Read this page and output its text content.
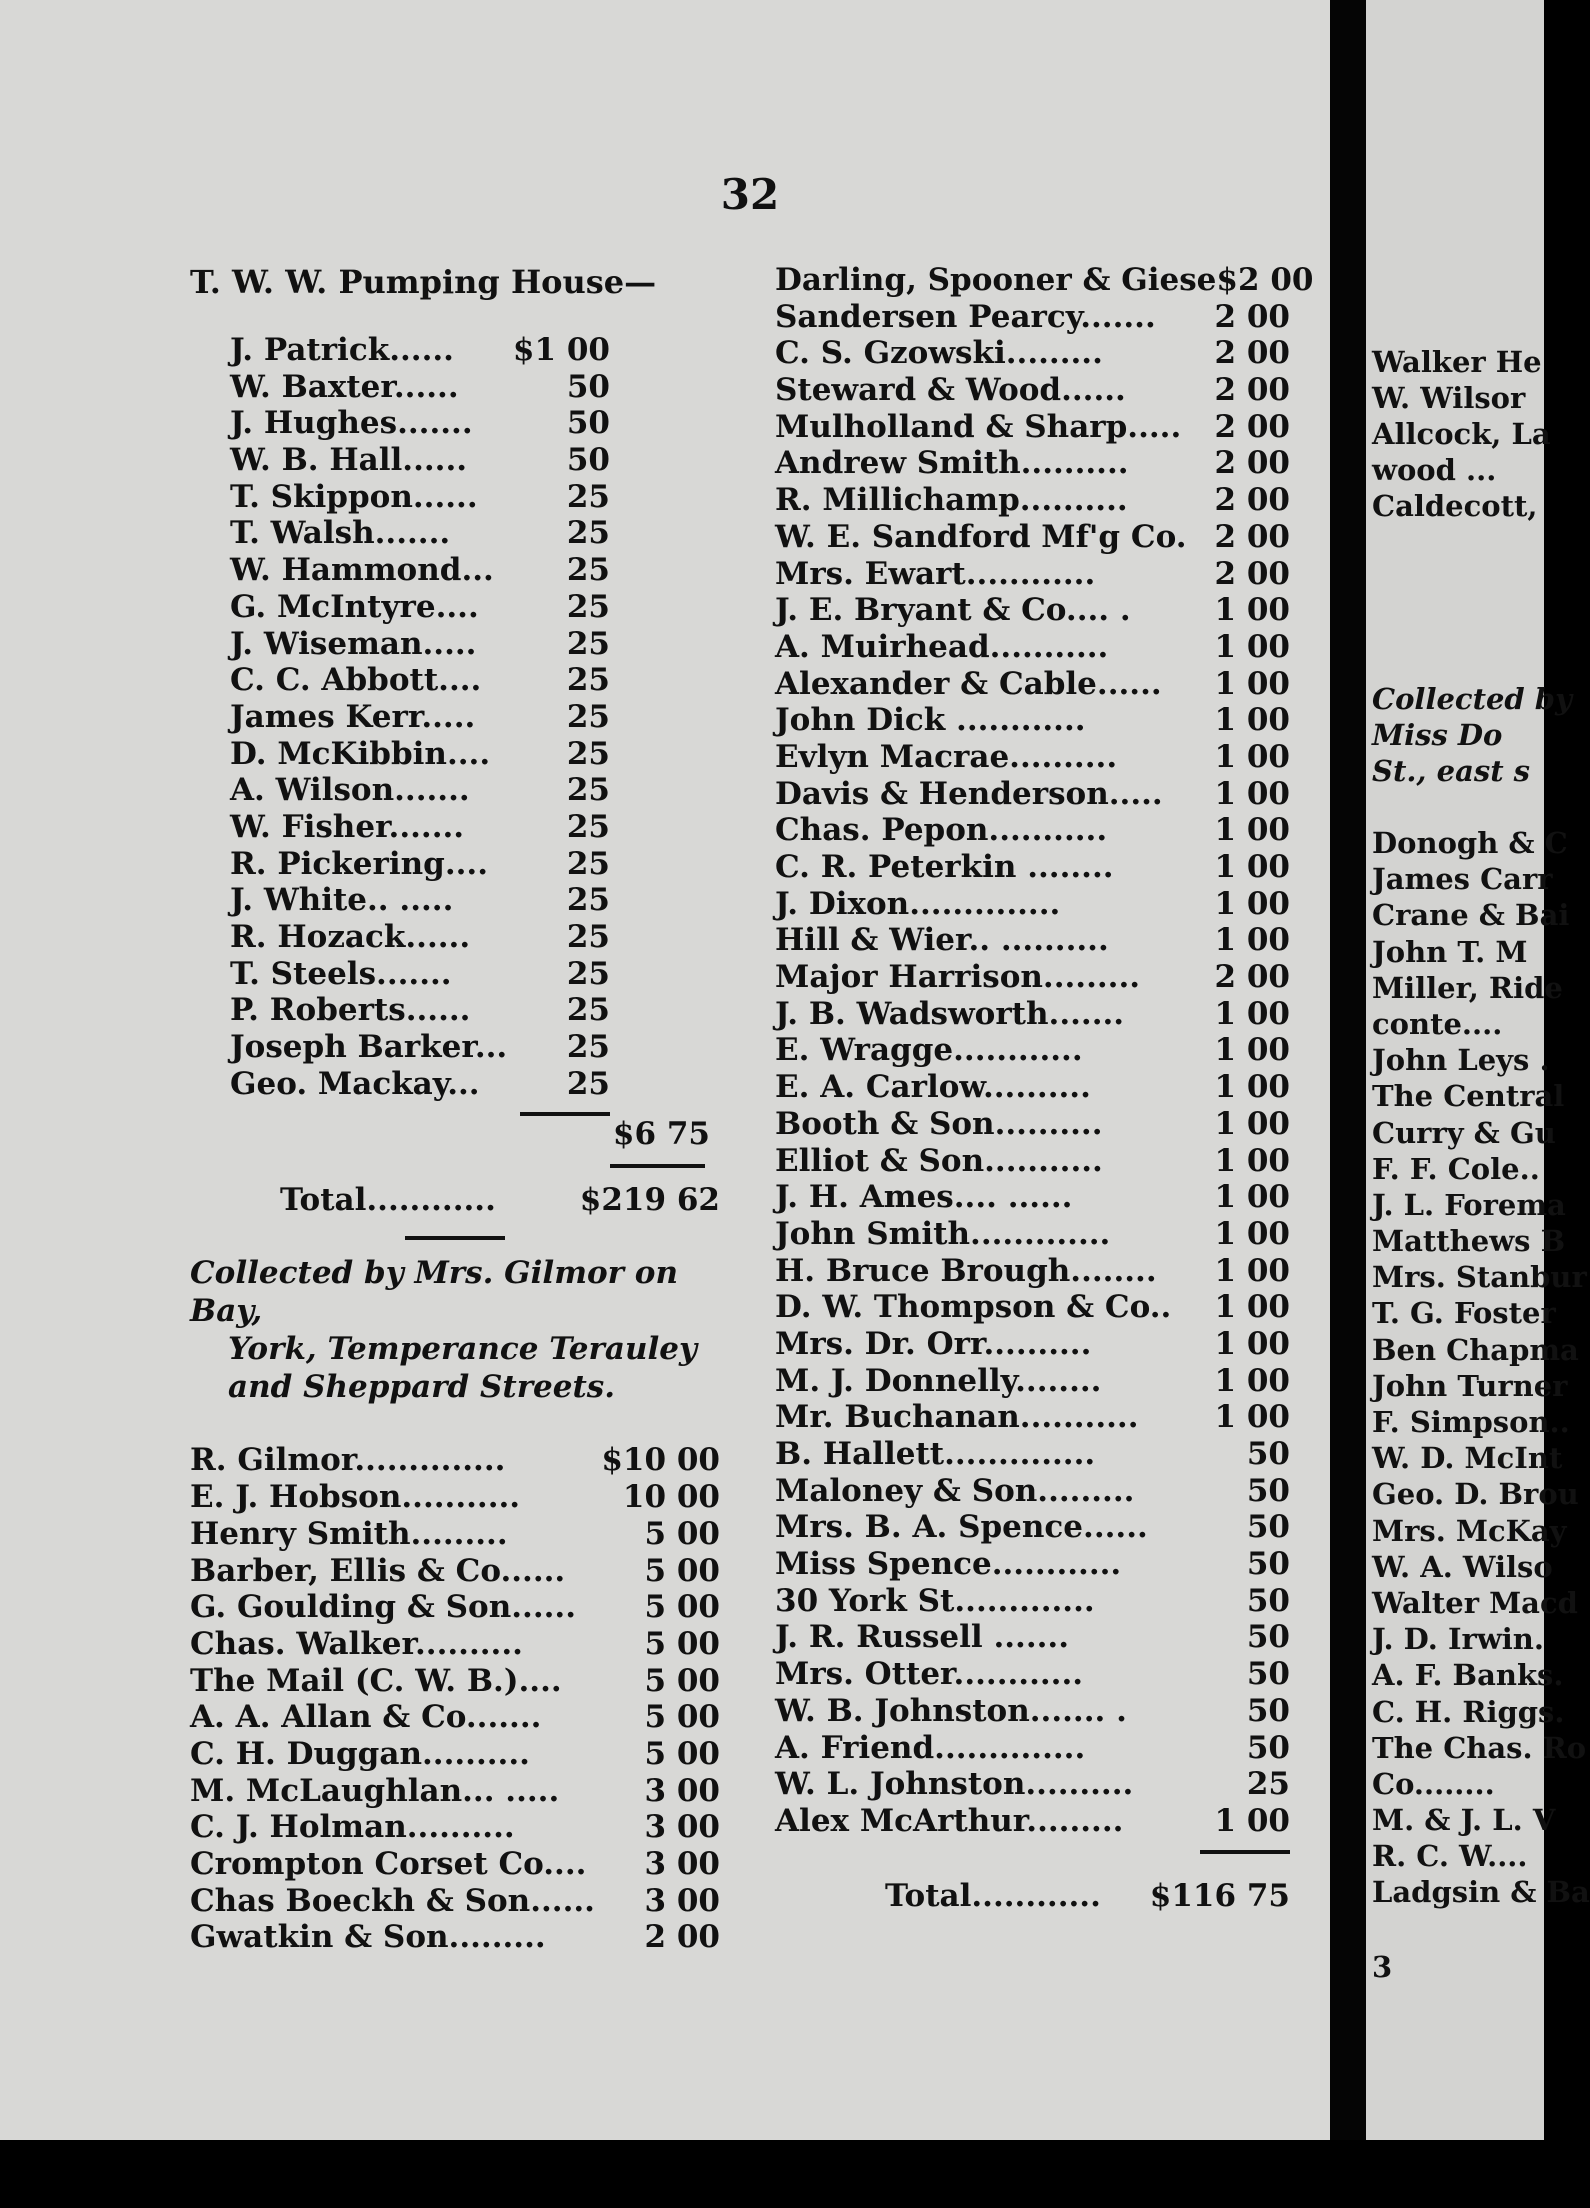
32
T. W. W. Pumping House—
J. Patrick......	$1 00
W. Baxter......	50
J. Hughes.......	50
W. B. Hall......	50
T. Skippon......	25
T. Walsh.......	25
W. Hammond...	25
G. McIntyre....	25
J. Wiseman.....	25
C. C. Abbott....	25
James Kerr.....	25
D. McKibbin....	25
A. Wilson.......	25
W. Fisher.......	25
R. Pickering....	25
J. White.. .....	25
R. Hozack......	25
T. Steels.......	25
P. Roberts......	25
Joseph Barker...	25
Geo. Mackay...	25
$6 75
Total............	$219 62
Collected by Mrs. Gilmor on Bay,
York, Temperance Terauley
and Sheppard Streets.
R. Gilmor..............	$10 00
E. J. Hobson...........	10 00
Henry Smith.........	5 00
Barber, Ellis & Co......	5 00
G. Goulding & Son......	5 00
Chas. Walker..........	5 00
The Mail (C. W. B.)....	5 00
A. A. Allan & Co.......	5 00
C. H. Duggan..........	5 00
M. McLaughlan... .....	3 00
C. J. Holman..........	3 00
Crompton Corset Co....	3 00
Chas Boeckh & Son......	3 00
Gwatkin & Son.........	2 00
Darling, Spooner & Giese $2 00
Sandersen Pearcy.......	2 00
C. S. Gzowski.........	2 00
Steward & Wood......	2 00
Mulholland & Sharp.....	2 00
Andrew Smith..........	2 00
R. Millichamp..........	2 00
W. E. Sandford Mf'g Co. 2 00
Mrs. Ewart............	2 00
J. E. Bryant & Co.... .	1 00
A. Muirhead...........	1 00
Alexander & Cable......	1 00
John Dick ............	1 00
Evlyn Macrae..........	1 00
Davis & Henderson.....	1 00
Chas. Pepon...........	1 00
C. R. Peterkin ........	1 00
J. Dixon..............	1 00
Hill & Wier.. ..........	1 00
Major Harrison.........	2 00
J. B. Wadsworth.......	1 00
E. Wragge............	1 00
E. A. Carlow..........	1 00
Booth & Son..........	1 00
Elliot & Son...........	1 00
J. H. Ames.... ......	1 00
John Smith.............	1 00
H. Bruce Brough........	1 00
D. W. Thompson & Co..	1 00
Mrs. Dr. Orr..........	1 00
M. J. Donnelly........	1 00
Mr. Buchanan...........	1 00
B. Hallett..............	50
Maloney & Son.........	50
Mrs. B. A. Spence......	50
Miss Spence............	50
30 York St.............	50
J. R. Russell .......	50
Mrs. Otter............	50
W. B. Johnston....... .	50
A. Friend..............	50
W. L. Johnston..........	25
Alex McArthur.........	1 00
Total............	$116 75
Walker He
W. Wilsor
Allcock, La
wood ...
Caldecott,
Collected by
Miss Do
St., east s
Donogh & C
James Carr
Crane & Bai
John T. M
Miller, Ride
conte....
John Leys .
The Central
Curry & Gu
F. F. Cole..
J. L. Forema
Matthews B
Mrs. Stanbur
T. G. Foster
Ben Chapma
John Turner
F. Simpson..
W. D. McInt
Geo. D. Brou
Mrs. McKay
W. A. Wilso
Walter Macd
J. D. Irwin.
A. F. Banks.
C. H. Riggs.
The Chas. Ro
Co........
M. & J. L. V
R. C. W....
Ladgsin & Ba
3
